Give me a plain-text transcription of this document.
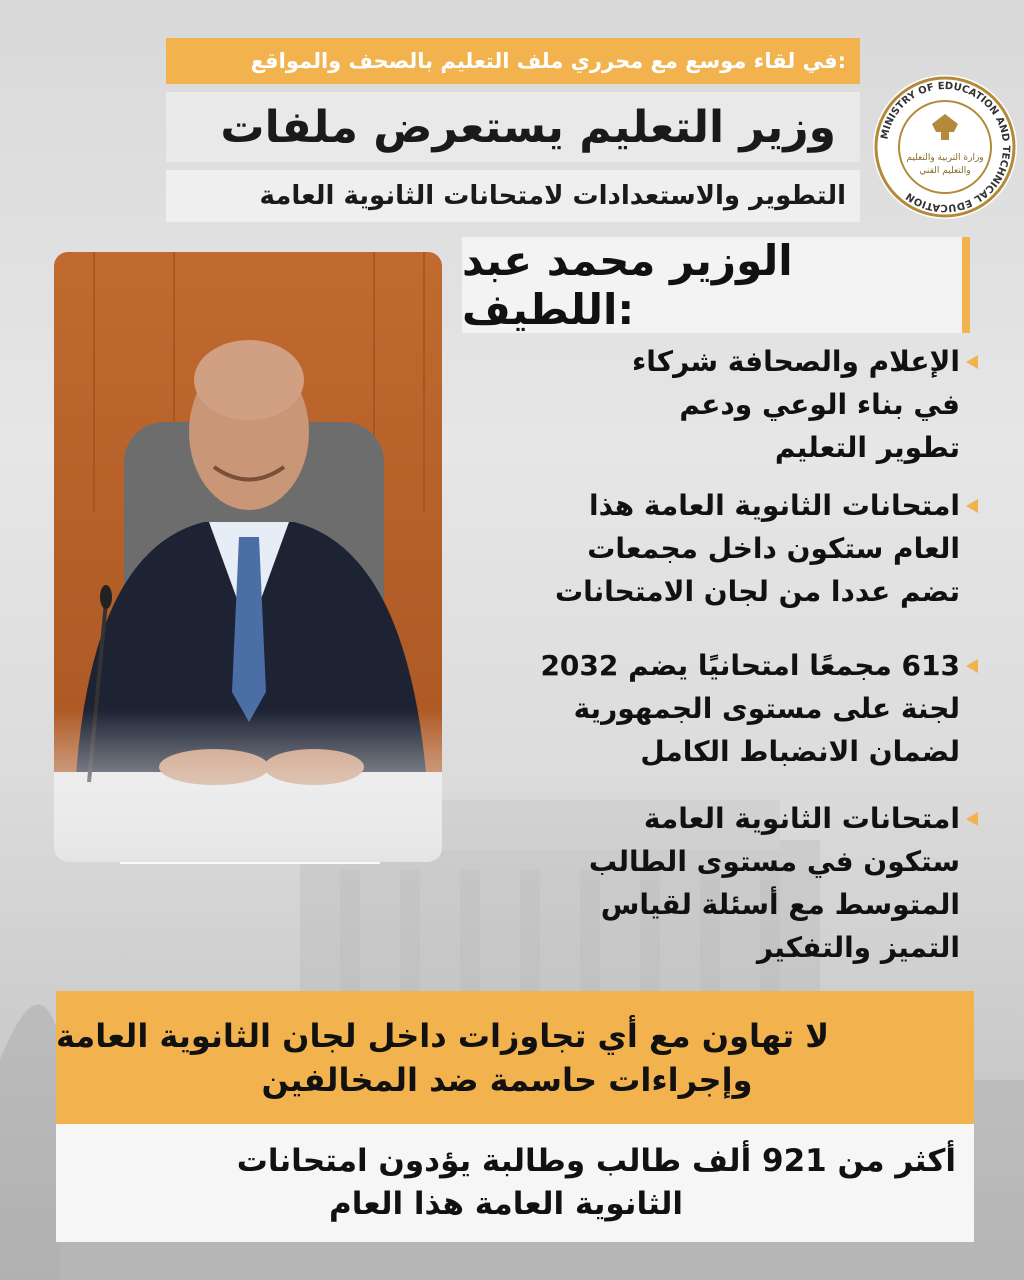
في لقاء موسع مع محرري ملف التعليم بالصحف والمواقع:
وزير التعليم يستعرض ملفات
التطوير والاستعدادات لامتحانات الثانوية العامة
MINISTRY OF EDUCATION AND TECHNICAL EDUCATION
وزارة التربية والتعليم
والتعليم الفني
الوزير محمد عبد اللطيف:
الإعلام والصحافة شركاء
في بناء الوعي ودعم
تطوير التعليم
امتحانات الثانوية العامة هذا
العام ستكون داخل مجمعات
تضم عددا من لجان الامتحانات
613 مجمعًا امتحانيًا يضم 2032
لجنة على مستوى الجمهورية
لضمان الانضباط الكامل
امتحانات الثانوية العامة
ستكون في مستوى الطالب
المتوسط مع أسئلة لقياس
التميز والتفكير
لا تهاون مع أي تجاوزات داخل لجان الثانوية العامة
وإجراءات حاسمة ضد المخالفين
أكثر من 921 ألف طالب وطالبة يؤدون امتحانات
الثانوية العامة هذا العام
